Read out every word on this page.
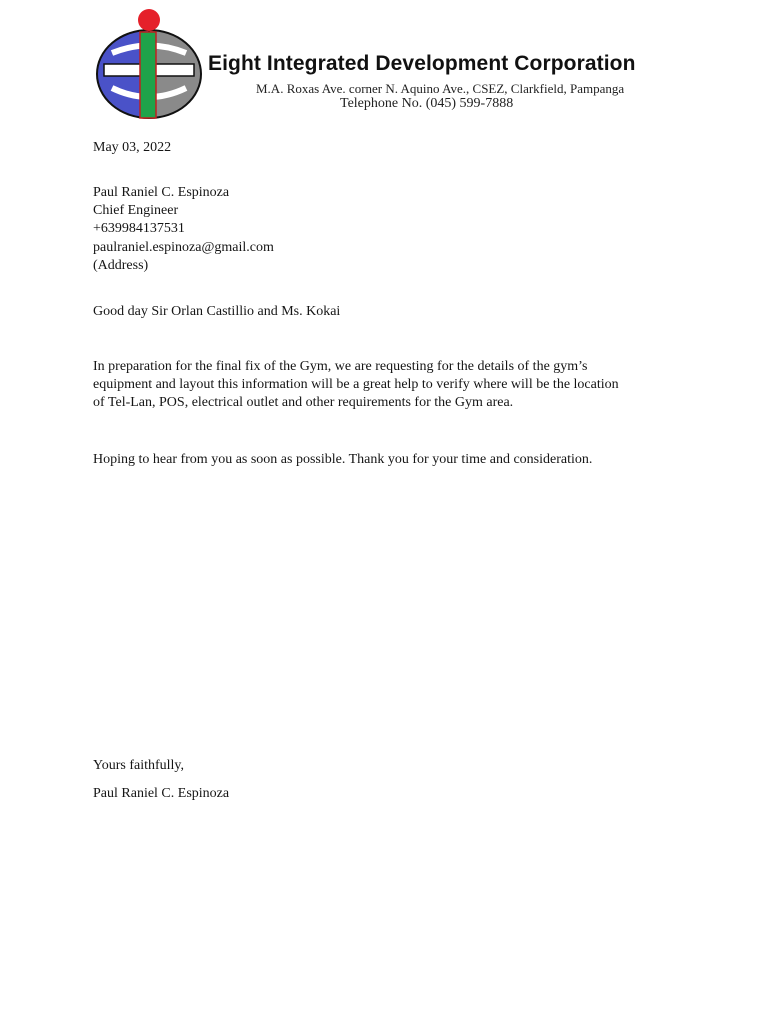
Eight Integrated Development Corporation
M.A. Roxas Ave. corner N. Aquino Ave., CSEZ, Clarkfield, Pampanga
Telephone No. (045) 599-7888
May 03, 2022
Paul Raniel C. Espinoza
Chief Engineer
+639984137531
paulraniel.espinoza@gmail.com
(Address)
Good day Sir Orlan Castillio and Ms. Kokai
In preparation for the final fix of the Gym, we are requesting for the details of the gym’s
equipment and layout this information will be a great help to verify where will be the location
of Tel-Lan, POS, electrical outlet and other requirements for the Gym area.
Hoping to hear from you as soon as possible. Thank you for your time and consideration.
Yours faithfully,
Paul Raniel C. Espinoza
